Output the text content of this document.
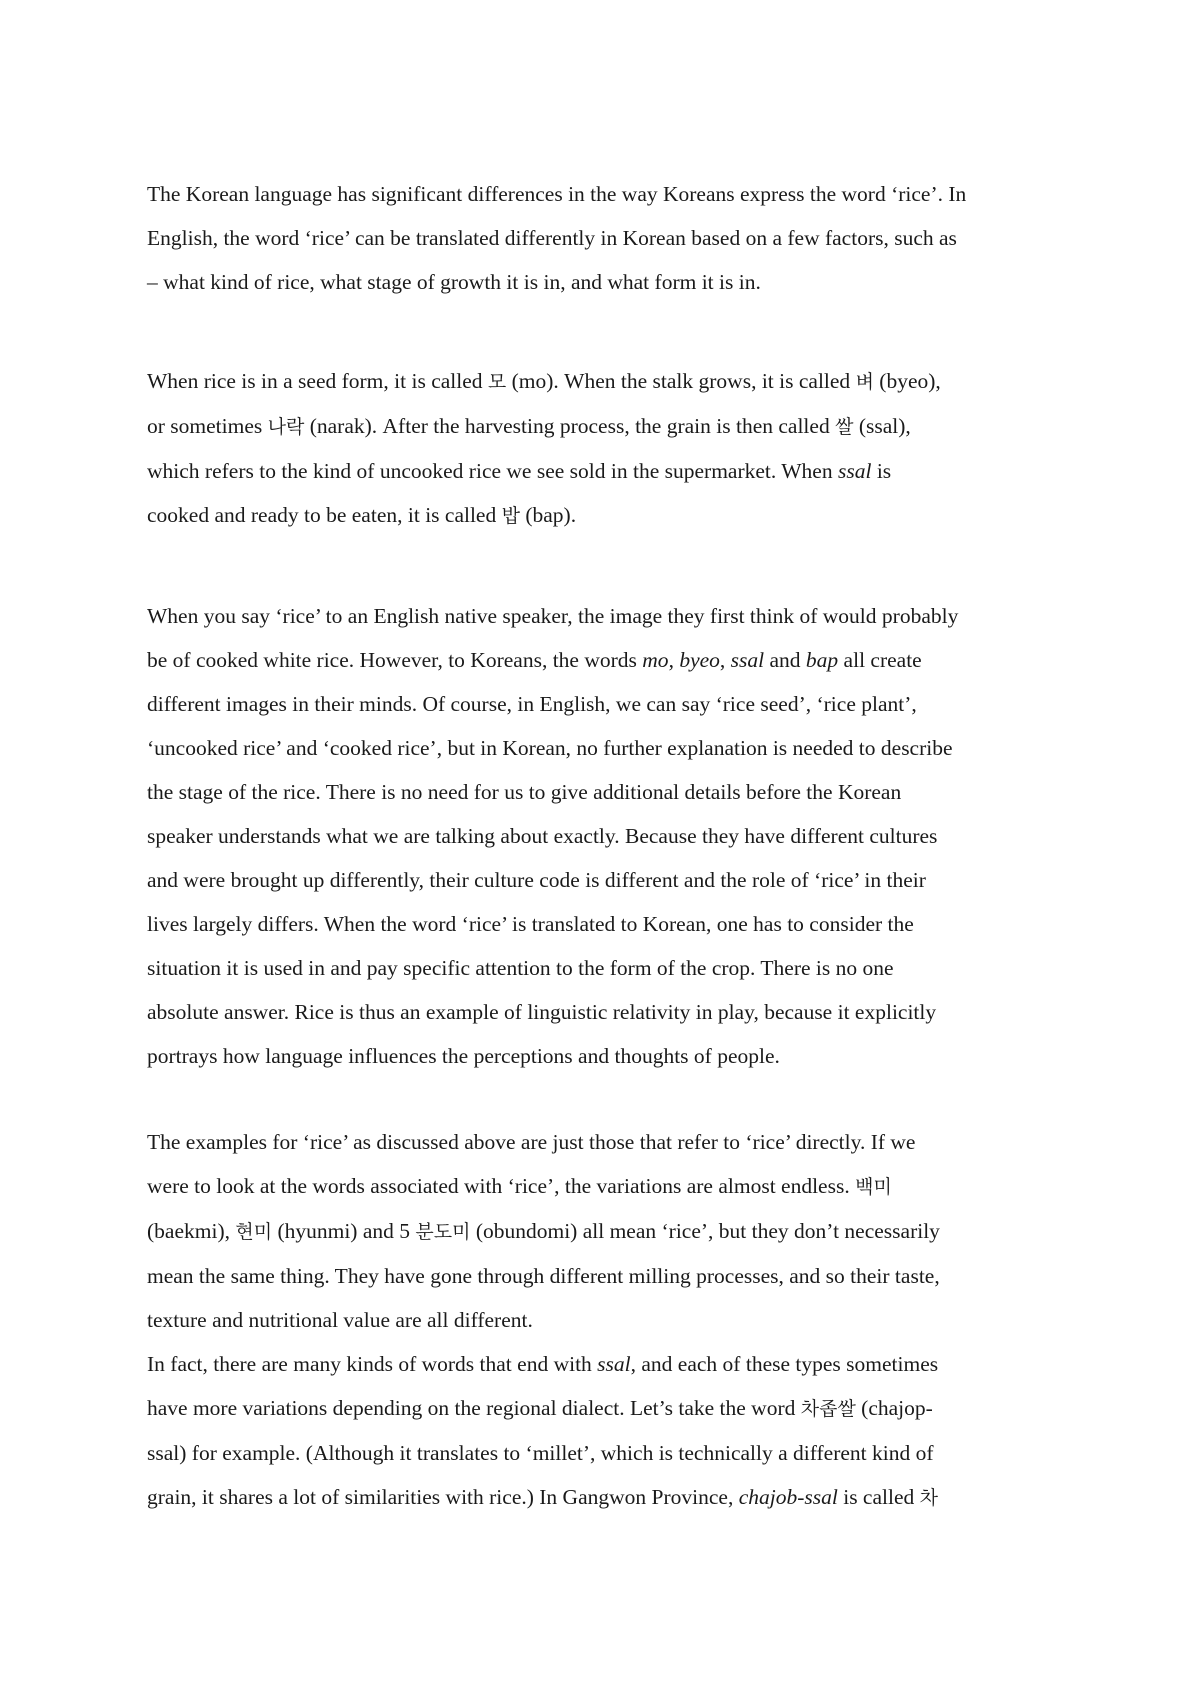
The Korean language has significant differences in the way Koreans express the word ‘rice’. In
English, the word ‘rice’ can be translated differently in Korean based on a few factors, such as
– what kind of rice, what stage of growth it is in, and what form it is in.
When rice is in a seed form, it is called 모 (mo). When the stalk grows, it is called 벼 (byeo),
or sometimes 나락 (narak). After the harvesting process, the grain is then called 쌀 (ssal),
which refers to the kind of uncooked rice we see sold in the supermarket. When ssal is
cooked and ready to be eaten, it is called 밥 (bap).
When you say ‘rice’ to an English native speaker, the image they first think of would probably
be of cooked white rice. However, to Koreans, the words mo, byeo, ssal and bap all create
different images in their minds. Of course, in English, we can say ‘rice seed’, ‘rice plant’,
‘uncooked rice’ and ‘cooked rice’, but in Korean, no further explanation is needed to describe
the stage of the rice. There is no need for us to give additional details before the Korean
speaker understands what we are talking about exactly. Because they have different cultures
and were brought up differently, their culture code is different and the role of ‘rice’ in their
lives largely differs. When the word ‘rice’ is translated to Korean, one has to consider the
situation it is used in and pay specific attention to the form of the crop. There is no one
absolute answer. Rice is thus an example of linguistic relativity in play, because it explicitly
portrays how language influences the perceptions and thoughts of people.
The examples for ‘rice’ as discussed above are just those that refer to ‘rice’ directly. If we
were to look at the words associated with ‘rice’, the variations are almost endless. 백미
(baekmi), 현미 (hyunmi) and 5 분도미 (obundomi) all mean ‘rice’, but they don’t necessarily
mean the same thing. They have gone through different milling processes, and so their taste,
texture and nutritional value are all different.
In fact, there are many kinds of words that end with ssal, and each of these types sometimes
have more variations depending on the regional dialect. Let’s take the word 차좁쌀 (chajop-
ssal) for example. (Although it translates to ‘millet’, which is technically a different kind of
grain, it shares a lot of similarities with rice.) In Gangwon Province, chajob-ssal is called 차
